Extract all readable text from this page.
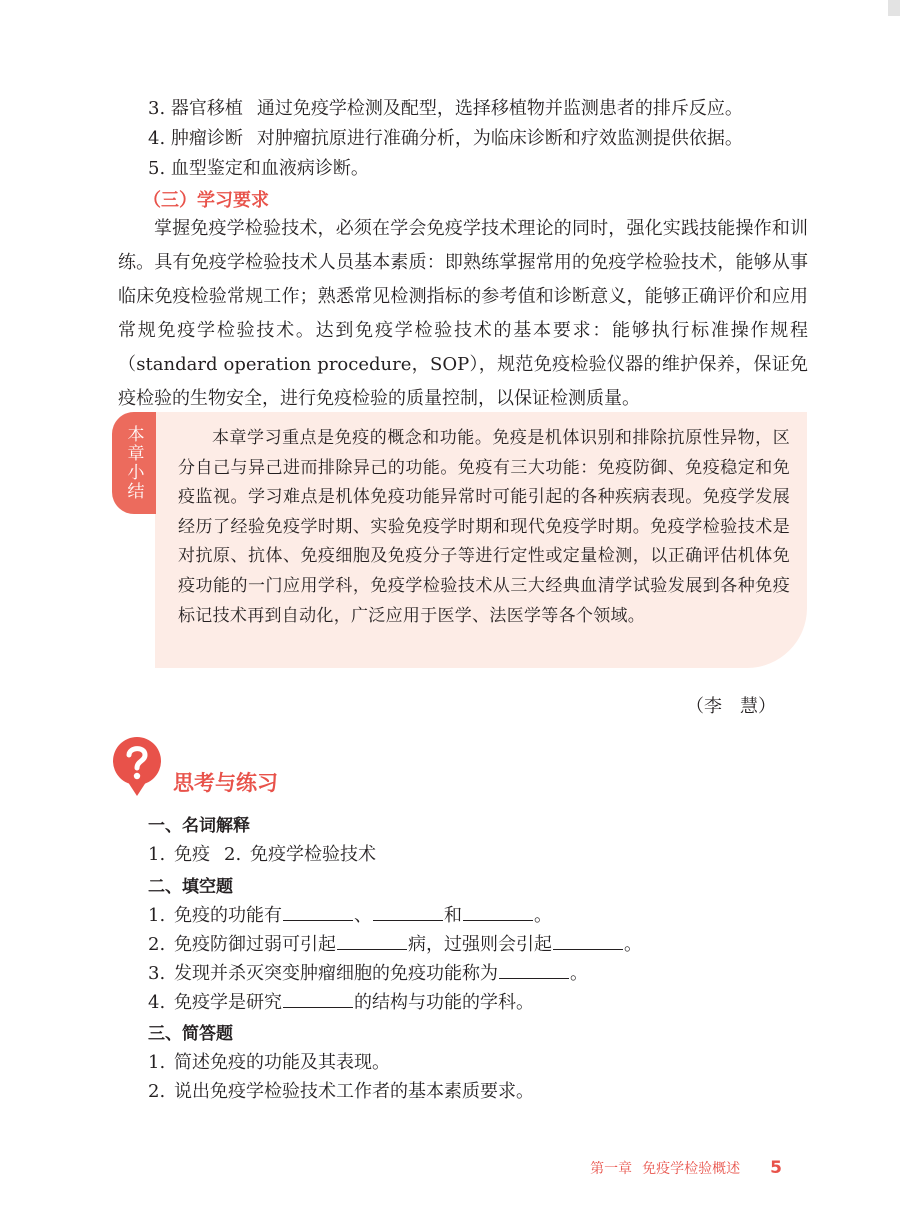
3. 器官移植 通过免疫学检测及配型，选择移植物并监测患者的排斥反应。
4. 肿瘤诊断 对肿瘤抗原进行准确分析，为临床诊断和疗效监测提供依据。
5. 血型鉴定和血液病诊断。
（三）学习要求
掌握免疫学检验技术，必须在学会免疫学技术理论的同时，强化实践技能操作和训练。具有免疫学检验技术人员基本素质：即熟练掌握常用的免疫学检验技术，能够从事临床免疫检验常规工作；熟悉常见检测指标的参考值和诊断意义，能够正确评价和应用常规免疫学检验技术。达到免疫学检验技术的基本要求：能够执行标准操作规程（standard operation procedure，SOP），规范免疫检验仪器的维护保养，保证免疫检验的生物安全，进行免疫检验的质量控制，以保证检测质量。
本章小结	本章学习重点是免疫的概念和功能。免疫是机体识别和排除抗原性异物，区分自己与异己进而排除异己的功能。免疫有三大功能：免疫防御、免疫稳定和免疫监视。学习难点是机体免疫功能异常时可能引起的各种疾病表现。免疫学发展经历了经验免疫学时期、实验免疫学时期和现代免疫学时期。免疫学检验技术是对抗原、抗体、免疫细胞及免疫分子等进行定性或定量检测，以正确评估机体免疫功能的一门应用学科，免疫学检验技术从三大经典血清学试验发展到各种免疫标记技术再到自动化，广泛应用于医学、法医学等各个领域。
（李　慧）
思考与练习
一、名词解释
1. 免疫 2. 免疫学检验技术
二、填空题
1. 免疫的功能有	、	和	。
2. 免疫防御过弱可引起	病，过强则会引起	。
3. 发现并杀灭突变肿瘤细胞的免疫功能称为	。
4. 免疫学是研究	的结构与功能的学科。
三、简答题
1. 简述免疫的功能及其表现。
2. 说出免疫学检验技术工作者的基本素质要求。
第一章 免疫学检验概述 5
